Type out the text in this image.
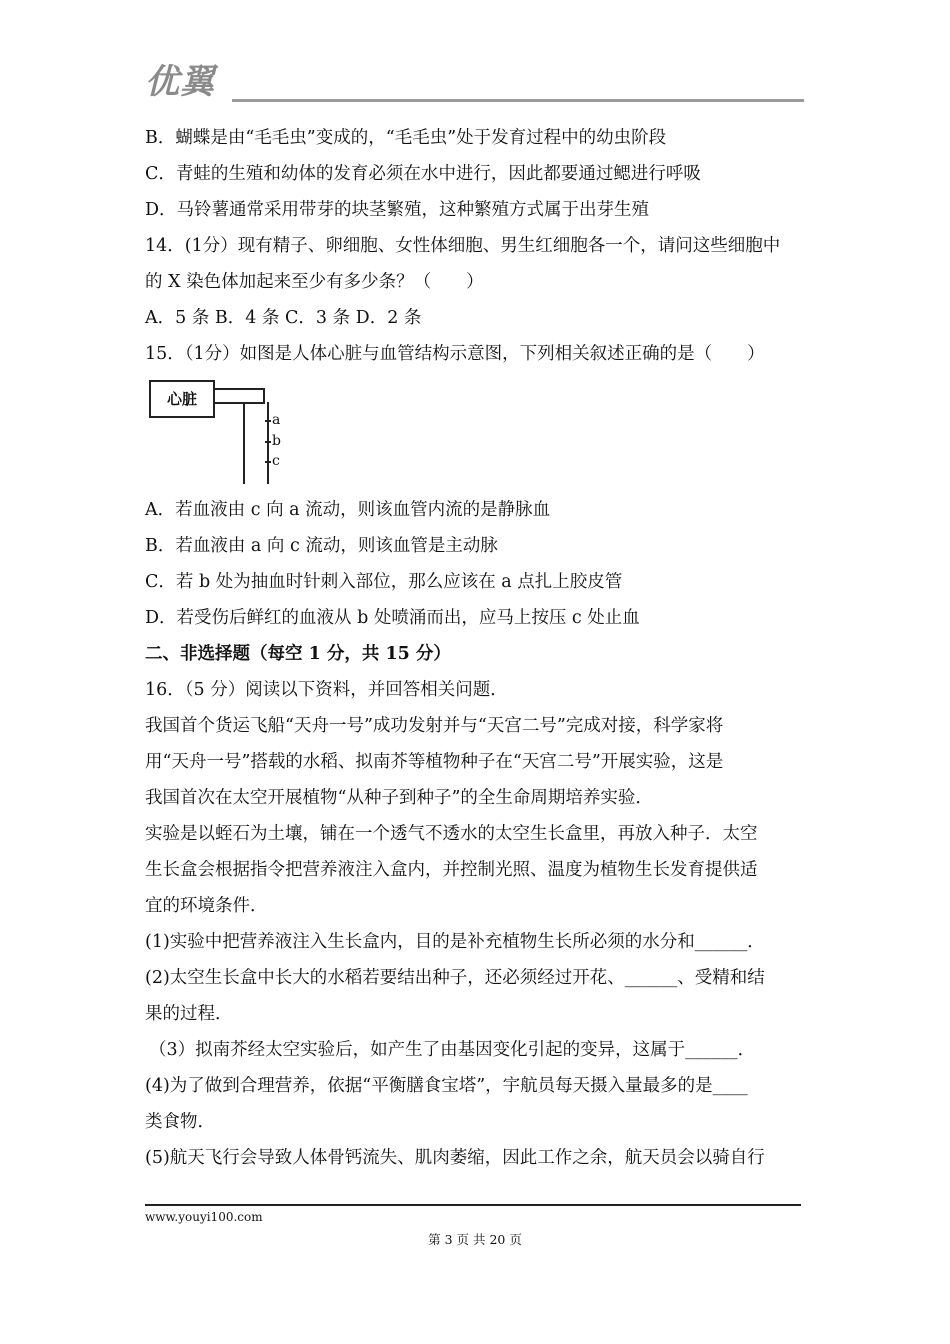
优翼
B．蝴蝶是由“毛毛虫”变成的，“毛毛虫”处于发育过程中的幼虫阶段
C．青蛙的生殖和幼体的发育必须在水中进行，因此都要通过鳃进行呼吸
D．马铃薯通常采用带芽的块茎繁殖，这种繁殖方式属于出芽生殖
14．(1分）现有精子、卵细胞、女性体细胞、男生红细胞各一个，请问这些细胞中
的 X 染色体加起来至少有多少条？（　　）
A．5 条 B．4 条 C．3 条 D．2 条
15．（1分）如图是人体心脏与血管结构示意图，下列相关叙述正确的是（　　）
心脏
a
b
c
A．若血液由 c 向 a 流动，则该血管内流的是静脉血
B．若血液由 a 向 c 流动，则该血管是主动脉
C．若 b 处为抽血时针刺入部位，那么应该在 a 点扎上胶皮管
D．若受伤后鲜红的血液从 b 处喷涌而出，应马上按压 c 处止血
二、非选择题（每空 1 分，共 15 分）
16．（5 分）阅读以下资料，并回答相关问题．
我国首个货运飞船“天舟一号”成功发射并与“天宫二号”完成对接，科学家将
用“天舟一号”搭载的水稻、拟南芥等植物种子在“天宫二号”开展实验，这是
我国首次在太空开展植物“从种子到种子”的全生命周期培养实验．
实验是以蛭石为土壤，铺在一个透气不透水的太空生长盒里，再放入种子．太空
生长盒会根据指令把营养液注入盒内，并控制光照、温度为植物生长发育提供适
宜的环境条件．
(1)实验中把营养液注入生长盒内，目的是补充植物生长所必须的水分和______．
(2)太空生长盒中长大的水稻若要结出种子，还必须经过开花、______、受精和结
果的过程．
（3）拟南芥经太空实验后，如产生了由基因变化引起的变异，这属于______．
(4)为了做到合理营养，依据“平衡膳食宝塔”，宇航员每天摄入量最多的是____
类食物．
(5)航天飞行会导致人体骨钙流失、肌肉萎缩，因此工作之余，航天员会以骑自行
www.youyi100.com
第 3 页 共 20 页
